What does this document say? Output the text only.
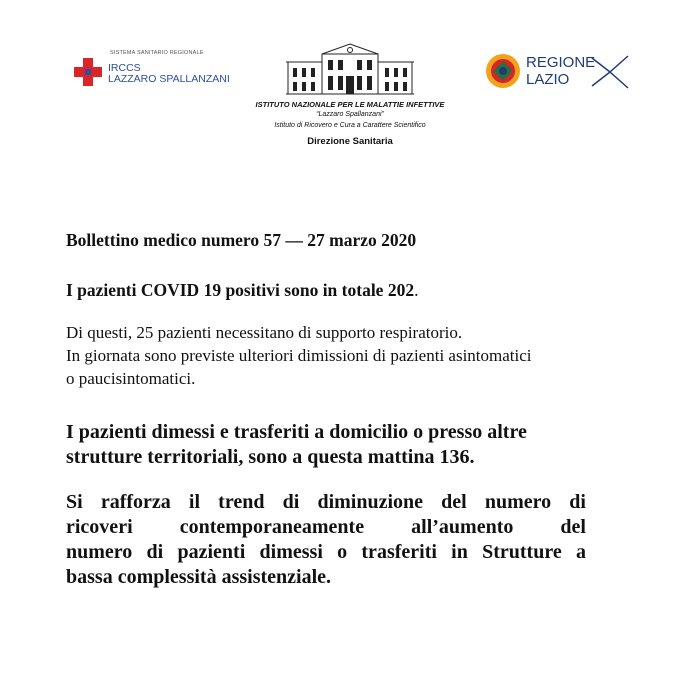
SISTEMA SANITARIO REGIONALE
IRCCS
LAZZARO SPALLANZANI
ISTITUTO NAZIONALE PER LE MALATTIE INFETTIVE
“Lazzaro Spallanzani”
Istituto di Ricovero e Cura a Carattere Scientifico
Direzione Sanitaria
REGIONE
LAZIO
Bollettino medico numero 57 — 27 marzo 2020
I pazienti COVID 19 positivi sono in totale 202.
Di questi, 25 pazienti necessitano di supporto respiratorio.
In giornata sono previste ulteriori dimissioni di pazienti asintomatici
o paucisintomatici.
I pazienti dimessi e trasferiti a domicilio o presso altre
strutture territoriali, sono a questa mattina 136.
Si rafforza il trend di diminuzione del numero di
ricoveri contemporaneamente all’aumento del
numero di pazienti dimessi o trasferiti in Strutture a
bassa complessità assistenziale.
